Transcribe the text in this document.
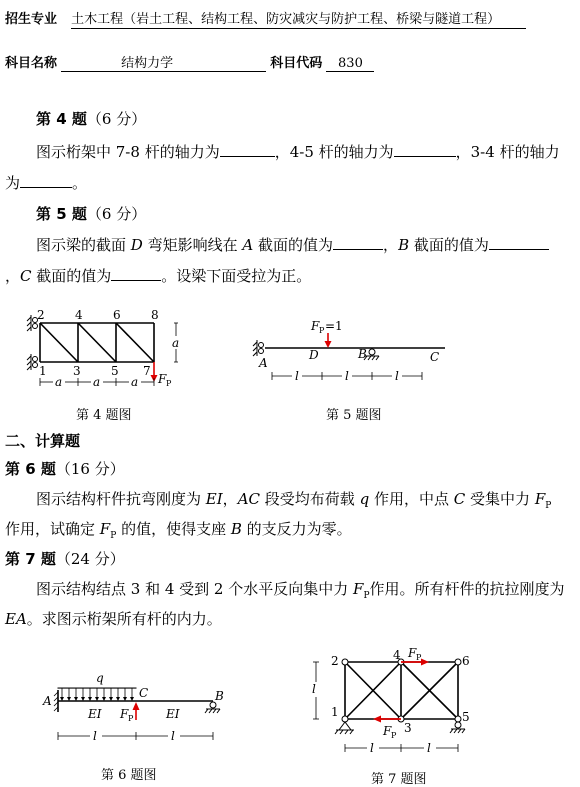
招生专业 土木工程（岩土工程、结构工程、防灾减灾与防护工程、桥梁与隧道工程）
科目名称	结构力学	科目代码 830
第 4 题（6 分）
图示桁架中 7-8 杆的轴力为	，4-5 杆的轴力为	，3-4 杆的轴力
为	。
第 5 题（6 分）
图示梁的截面 D 弯矩影响线在 A 截面的值为	，B 截面的值为
，C 截面的值为	。设梁下面受拉为正。
F P
2	4	6	8
1 3	5 7
a
a	a	a
第 4 题图
F P =1
A
D	B	C
l	l	l
第 5 题图
二、计算题
第 6 题（16 分）
图示结构杆件抗弯刚度为 EI，AC 段受均布荷载 q 作用，中点 C 受集中力 $F_P$
作用，试确定 $F_P$ 的值，使得支座 B 的支反力为零。
第 7 题（24 分）
图示结构结点 3 和 4 受到 2 个水平反向集中力 $F_P$作用。所有杆件的抗拉刚度为
EA。求图示桁架所有杆的内力。
q
F P
A
C	B
EI	EI
l	l
第 6 题图
F P
F P
1
2
3
4
5
6
l
l	l
第 7 题图
